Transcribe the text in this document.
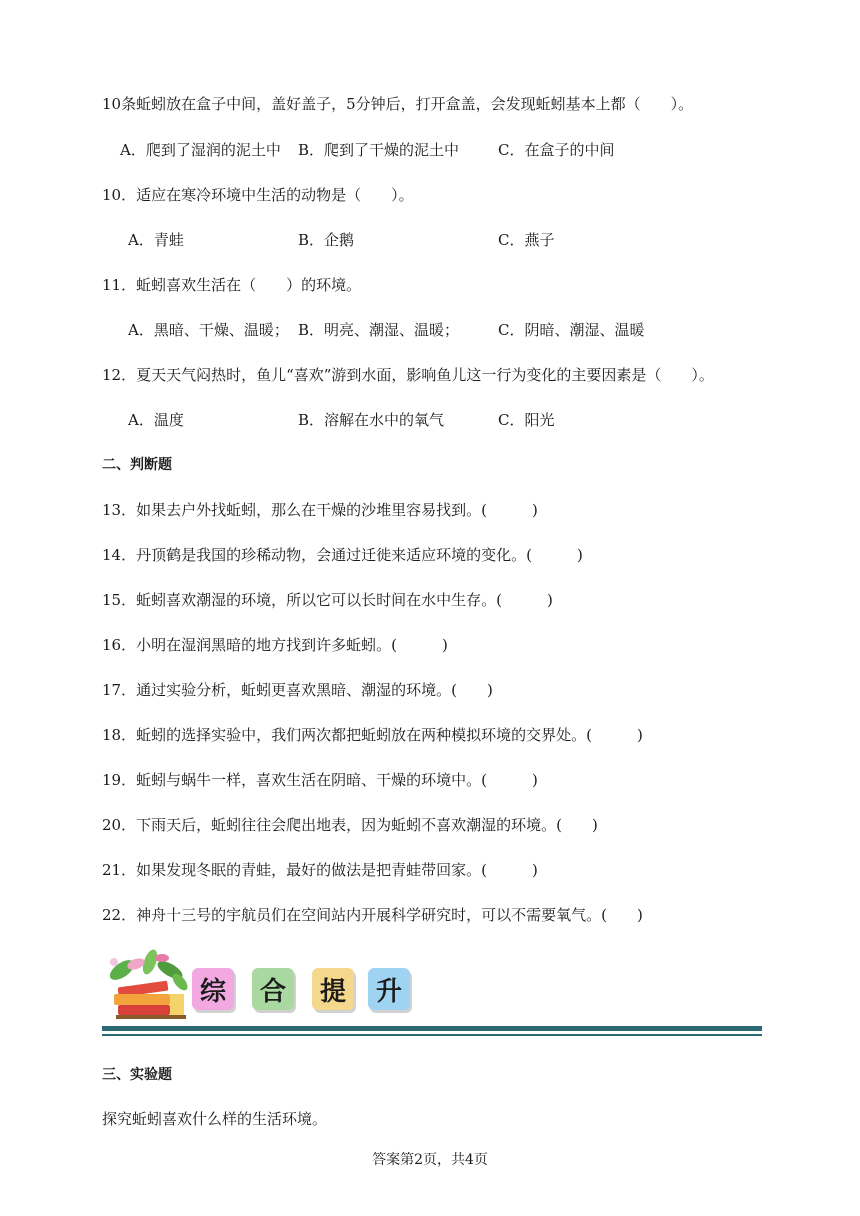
10条蚯蚓放在盒子中间，盖好盖子，5分钟后，打开盒盖，会发现蚯蚓基本上都（　　）。
A．爬到了湿润的泥土中 B．爬到了干燥的泥土中	C．在盒子的中间
10．适应在寒冷环境中生活的动物是（　　）。
A．青蛙	B．企鹅	C．燕子
11．蚯蚓喜欢生活在（　　）的环境。
A．黑暗、干燥、温暖； B．明亮、潮湿、温暖；	C．阴暗、潮湿、温暖
12．夏天天气闷热时，鱼儿“喜欢”游到水面，影响鱼儿这一行为变化的主要因素是（　　）。
A．温度	B．溶解在水中的氧气	C．阳光
二、判断题
13．如果去户外找蚯蚓，那么在干燥的沙堆里容易找到。(　　　)
14．丹顶鹤是我国的珍稀动物，会通过迁徙来适应环境的变化。(　　　)
15．蚯蚓喜欢潮湿的环境，所以它可以长时间在水中生存。(　　　)
16．小明在湿润黑暗的地方找到许多蚯蚓。(　　　)
17．通过实验分析，蚯蚓更喜欢黑暗、潮湿的环境。(　　)
18．蚯蚓的选择实验中，我们两次都把蚯蚓放在两种模拟环境的交界处。(　　　)
19．蚯蚓与蜗牛一样，喜欢生活在阴暗、干燥的环境中。(　　　)
20．下雨天后，蚯蚓往往会爬出地表，因为蚯蚓不喜欢潮湿的环境。(　　)
21．如果发现冬眠的青蛙，最好的做法是把青蛙带回家。(　　　)
22．神舟十三号的宇航员们在空间站内开展科学研究时，可以不需要氧气。(　　)
综	合	提	升
三、实验题
探究蚯蚓喜欢什么样的生活环境。
答案第2页，共4页
